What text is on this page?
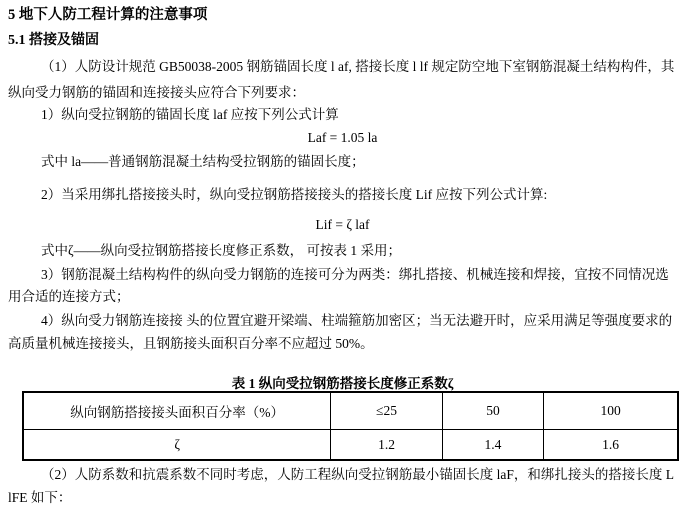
5 地下人防工程计算的注意事项
5.1 搭接及锚固
（1）人防设计规范 GB50038-2005 钢筋锚固长度 l af, 搭接长度 l lf 规定防空地下室钢筋混凝土结构构件，其
纵向受力钢筋的锚固和连接接头应符合下列要求：
1）纵向受拉钢筋的锚固长度 laf 应按下列公式计算
Laf = 1.05 la
式中 la——普通钢筋混凝土结构受拉钢筋的锚固长度；
2）当采用绑扎搭接接头时，纵向受拉钢筋搭接接头的搭接长度 Lif 应按下列公式计算:
Lif = ζ laf
式中ζ——纵向受拉钢筋搭接长度修正系数， 可按表 1 采用；
3）钢筋混凝土结构构件的纵向受力钢筋的连接可分为两类：绑扎搭接、机械连接和焊接，宜按不同情况选
用合适的连接方式；
4）纵向受力钢筋连接接 头的位置宜避开梁端、柱端箍筋加密区；当无法避开时，应采用满足等强度要求的
高质量机械连接接头，且钢筋接头面积百分率不应超过 50%。
表 1 纵向受拉钢筋搭接长度修正系数ζ
纵向钢筋搭接接头面积百分率（%）	≤25	50	100
ζ	1.2	1.4	1.6
（2）人防系数和抗震系数不同时考虑，人防工程纵向受拉钢筋最小锚固长度 laF，和绑扎接头的搭接长度 L
lFE 如下：
